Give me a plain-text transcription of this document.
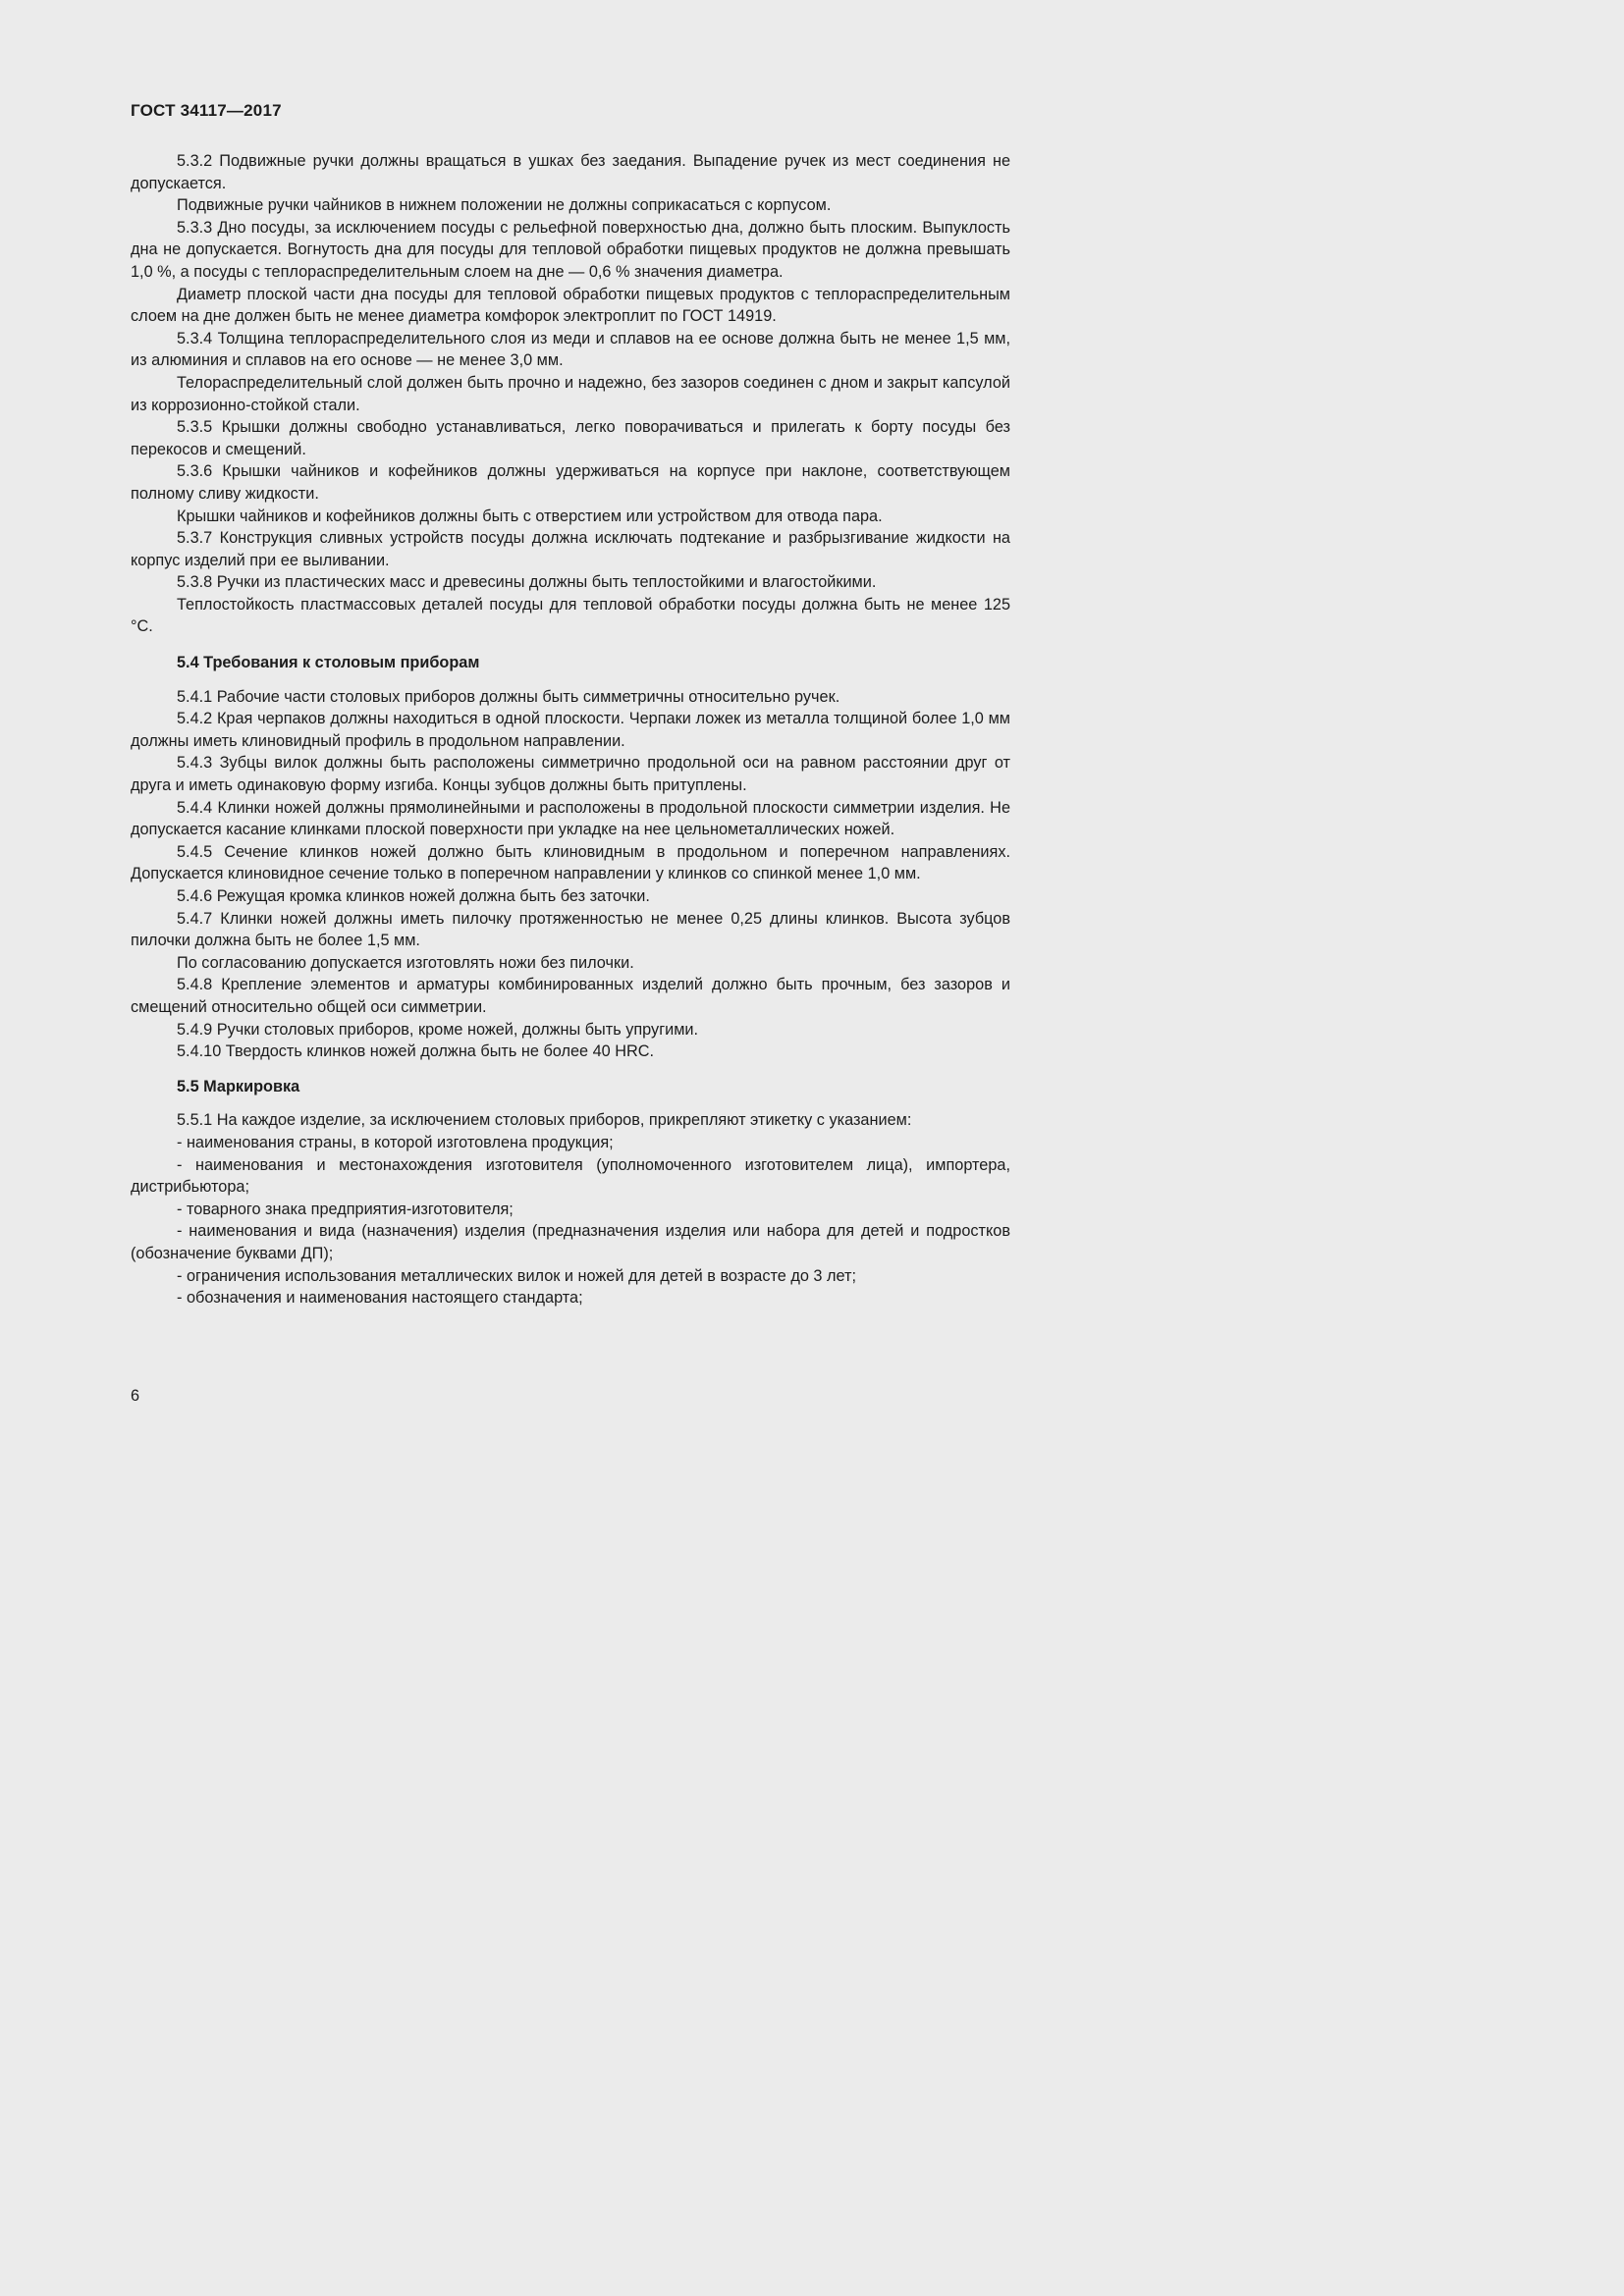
ГОСТ 34117—2017

5.3.2 Подвижные ручки должны вращаться в ушках без заедания. Выпадение ручек из мест соединения не допускается.

Подвижные ручки чайников в нижнем положении не должны соприкасаться с корпусом.

5.3.3 Дно посуды, за исключением посуды с рельефной поверхностью дна, должно быть плоским. Выпуклость дна не допускается. Вогнутость дна для посуды для тепловой обработки пищевых продуктов не должна превышать 1,0 %, а посуды с теплораспределительным слоем на дне — 0,6 % значения диаметра.

Диаметр плоской части дна посуды для тепловой обработки пищевых продуктов с теплораспределительным слоем на дне должен быть не менее диаметра комфорок электроплит по ГОСТ 14919.

5.3.4 Толщина теплораспределительного слоя из меди и сплавов на ее основе должна быть не менее 1,5 мм, из алюминия и сплавов на его основе — не менее 3,0 мм.

Телораспределительный слой должен быть прочно и надежно, без зазоров соединен с дном и закрыт капсулой из коррозионно-стойкой стали.

5.3.5 Крышки должны свободно устанавливаться, легко поворачиваться и прилегать к борту посуды без перекосов и смещений.

5.3.6 Крышки чайников и кофейников должны удерживаться на корпусе при наклоне, соответствующем полному сливу жидкости.

Крышки чайников и кофейников должны быть с отверстием или устройством для отвода пара.

5.3.7 Конструкция сливных устройств посуды должна исключать подтекание и разбрызгивание жидкости на корпус изделий при ее выливании.

5.3.8 Ручки из пластических масс и древесины должны быть теплостойкими и влагостойкими.

Теплостойкость пластмассовых деталей посуды для тепловой обработки посуды должна быть не менее 125 °С.

5.4 Требования к столовым приборам

5.4.1 Рабочие части столовых приборов должны быть симметричны относительно ручек.

5.4.2 Края черпаков должны находиться в одной плоскости. Черпаки ложек из металла толщиной более 1,0 мм должны иметь клиновидный профиль в продольном направлении.

5.4.3 Зубцы вилок должны быть расположены симметрично продольной оси на равном расстоянии друг от друга и иметь одинаковую форму изгиба. Концы зубцов должны быть притуплены.

5.4.4 Клинки ножей должны прямолинейными и расположены в продольной плоскости симметрии изделия. Не допускается касание клинками плоской поверхности при укладке на нее цельнометаллических ножей.

5.4.5 Сечение клинков ножей должно быть клиновидным в продольном и поперечном направлениях. Допускается клиновидное сечение только в поперечном направлении у клинков со спинкой менее 1,0 мм.

5.4.6 Режущая кромка клинков ножей должна быть без заточки.

5.4.7 Клинки ножей должны иметь пилочку протяженностью не менее 0,25 длины клинков. Высота зубцов пилочки должна быть не более 1,5 мм.

По согласованию допускается изготовлять ножи без пилочки.

5.4.8 Крепление элементов и арматуры комбинированных изделий должно быть прочным, без зазоров и смещений относительно общей оси симметрии.

5.4.9 Ручки столовых приборов, кроме ножей, должны быть упругими.

5.4.10 Твердость клинков ножей должна быть не более 40 HRC.

5.5 Маркировка

5.5.1 На каждое изделие, за исключением столовых приборов, прикрепляют этикетку с указанием:

- наименования страны, в которой изготовлена продукция;

- наименования и местонахождения изготовителя (уполномоченного изготовителем лица), импортера, дистрибьютора;

- товарного знака предприятия-изготовителя;

- наименования и вида (назначения) изделия (предназначения изделия или набора для детей и подростков (обозначение буквами ДП);

- ограничения использования металлических вилок и ножей для детей в возрасте до 3 лет;

- обозначения и наименования настоящего стандарта;

6
